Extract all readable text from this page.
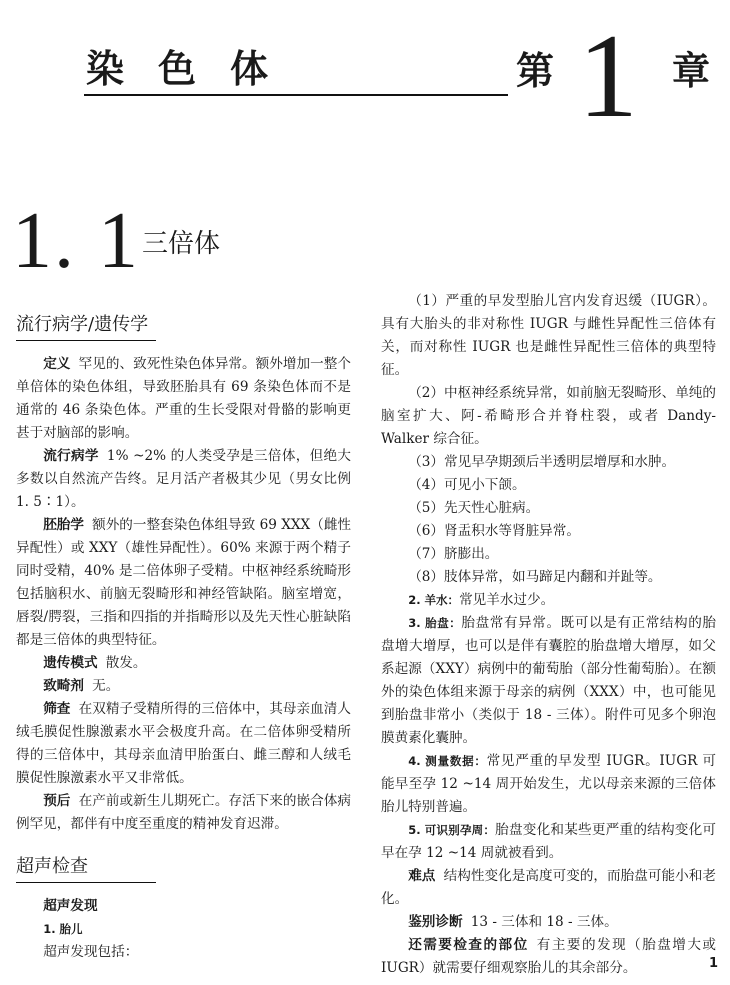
染色体	第 1 章
1. 1 三倍体
流行病学/遗传学

定义 罕见的、致死性染色体异常。额外增加一整个单倍体的染色体组，导致胚胎具有 69 条染色体而不是通常的 46 条染色体。严重的生长受限对骨骼的影响更甚于对脑部的影响。

流行病学 1% ~2% 的人类受孕是三倍体，但绝大多数以自然流产告终。足月活产者极其少见（男女比例 1. 5∶1）。

胚胎学 额外的一整套染色体组导致 69 XXX（雌性异配性）或 XXY（雄性异配性）。60% 来源于两个精子同时受精，40% 是二倍体卵子受精。中枢神经系统畸形包括脑积水、前脑无裂畸形和神经管缺陷。脑室增宽，唇裂/腭裂，三指和四指的并指畸形以及先天性心脏缺陷都是三倍体的典型特征。

遗传模式 散发。

致畸剂 无。

筛查 在双精子受精所得的三倍体中，其母亲血清人绒毛膜促性腺激素水平会极度升高。在二倍体卵受精所得的三倍体中，其母亲血清甲胎蛋白、雌三醇和人绒毛膜促性腺激素水平又非常低。

预后 在产前或新生儿期死亡。存活下来的嵌合体病例罕见，都伴有中度至重度的精神发育迟滞。

超声检查

超声发现

1. 胎儿

超声发现包括：

（1）严重的早发型胎儿宫内发育迟缓（IUGR）。具有大胎头的非对称性 IUGR 与雌性异配性三倍体有关，而对称性 IUGR 也是雌性异配性三倍体的典型特征。

（2）中枢神经系统异常，如前脑无裂畸形、单纯的脑室扩大、阿-希畸形合并脊柱裂，或者 Dandy-Walker 综合征。

（3）常见早孕期颈后半透明层增厚和水肿。

（4）可见小下颌。

（5）先天性心脏病。

（6）肾盂积水等肾脏异常。

（7）脐膨出。

（8）肢体异常，如马蹄足内翻和并趾等。

2. 羊水：常见羊水过少。

3. 胎盘：胎盘常有异常。既可以是有正常结构的胎盘增大增厚，也可以是伴有囊腔的胎盘增大增厚，如父系起源（XXY）病例中的葡萄胎（部分性葡萄胎）。在额外的染色体组来源于母亲的病例（XXX）中，也可能见到胎盘非常小（类似于 18 - 三体）。附件可见多个卵泡膜黄素化囊肿。

4. 测量数据：常见严重的早发型 IUGR。IUGR 可能早至孕 12 ~14 周开始发生，尤以母亲来源的三倍体胎儿特别普遍。

5. 可识别孕周：胎盘变化和某些更严重的结构变化可早在孕 12 ~14 周就被看到。

难点 结构性变化是高度可变的，而胎盘可能小和老化。

鉴别诊断 13 - 三体和 18 - 三体。

还需要检查的部位 有主要的发现（胎盘增大或 IUGR）就需要仔细观察胎儿的其余部分。	1
